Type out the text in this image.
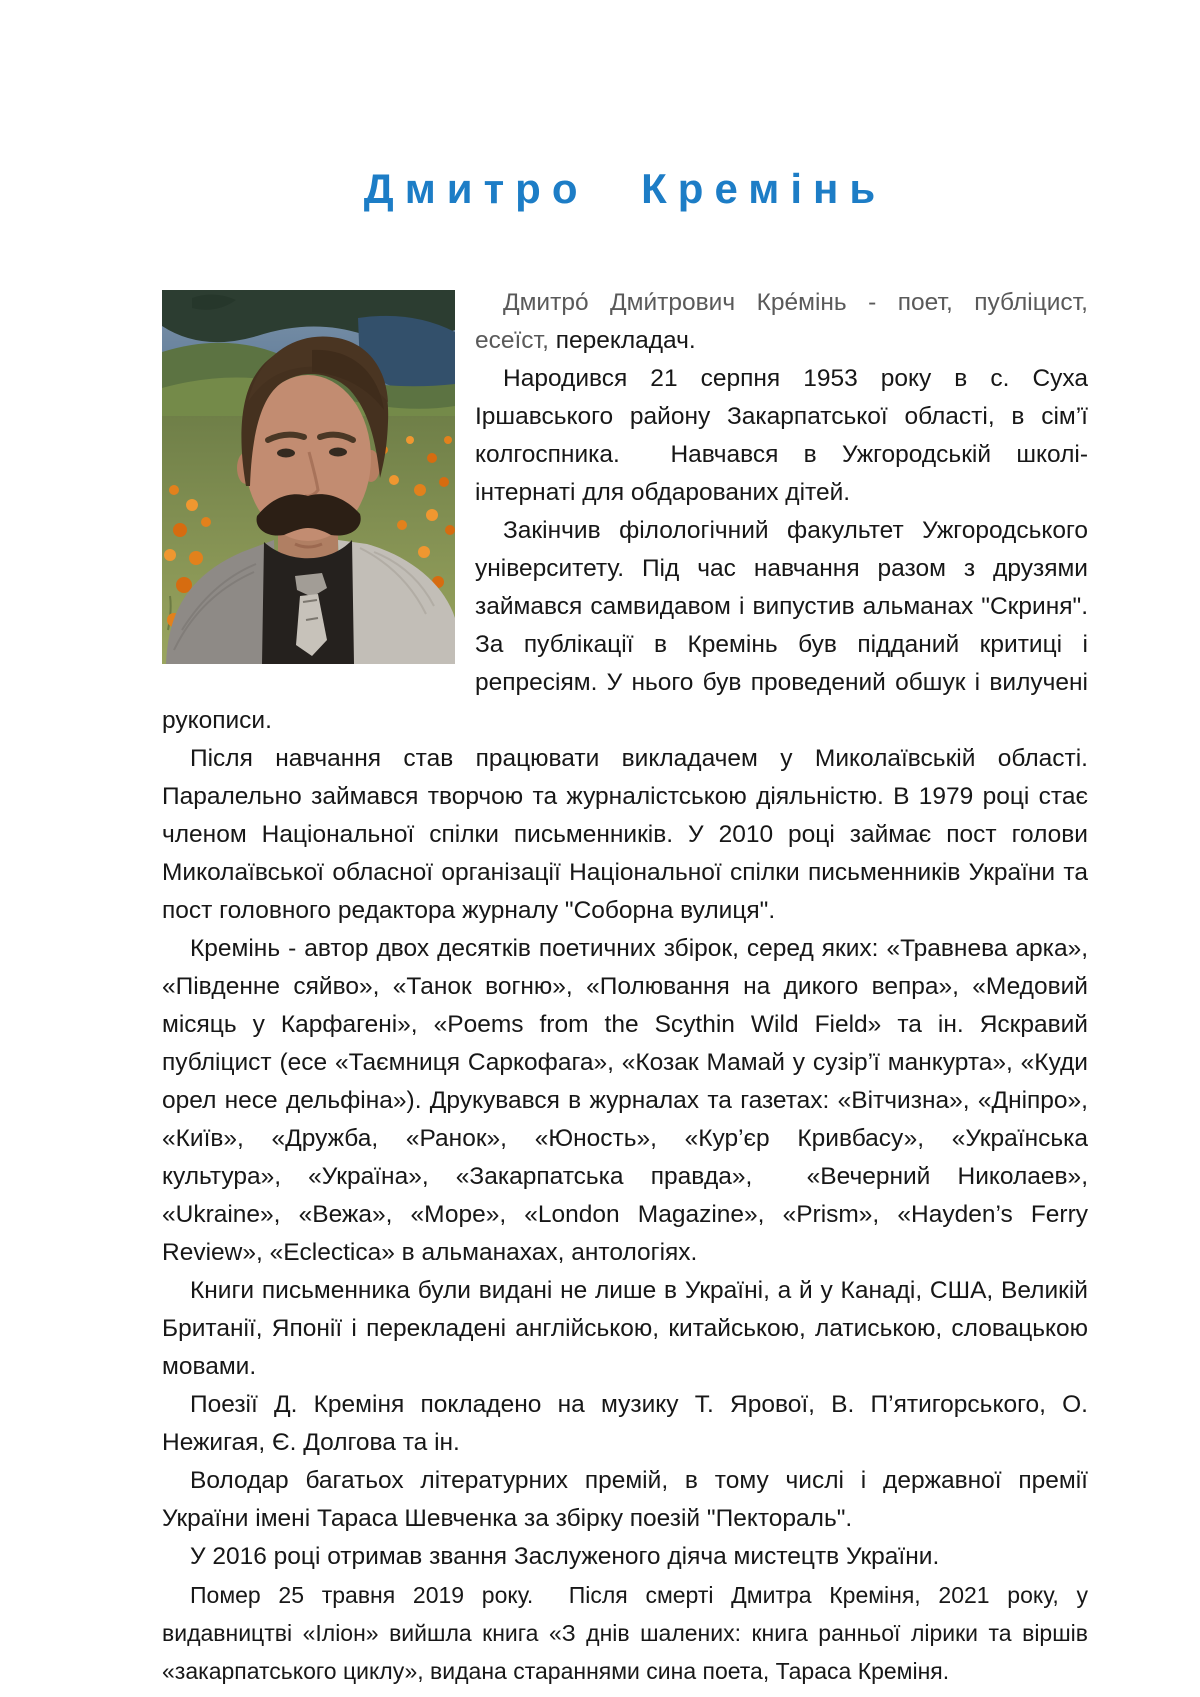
Дмитро Кремінь

Дмитро́ Дми́трович Кре́мінь - поет, публіцист, есеїст, перекладач.

Народився 21 серпня 1953 року в с. Суха Іршавського району Закарпатської області, в сім’ї колгоспника.  Навчався в Ужгородській школі-інтернаті для обдарованих дітей.

Закінчив філологічний факультет Ужгородського університету. Під час навчання разом з друзями займався самвидавом і випустив альманах "Скриня". За публікації в Кремінь був підданий критиці і репресіям. У нього був проведений обшук і вилучені рукописи.

Після навчання став працювати викладачем у Миколаївській області. Паралельно займався творчою та журналістською діяльністю. В 1979 році стає членом Національної спілки письменників. У 2010 році займає пост голови Миколаївської обласної організації Національної спілки письменників України та пост головного редактора журналу "Соборна вулиця".

Кремінь - автор двох десятків поетичних збірок, серед яких: «Травнева арка», «Південне сяйво», «Танок вогню», «Полювання на дикого вепра», «Медовий місяць у Карфагені», «Poems from the Scythin Wild Field» та ін. Яскравий публіцист (есе «Таємниця Саркофага», «Козак Мамай у сузір’ї манкурта», «Куди орел несе дельфіна»). Друкувався в журналах та газетах: «Вітчизна», «Дніпро», «Київ», «Дружба, «Ранок», «Юность», «Кур’єр Кривбасу», «Українська культура», «Україна», «Закарпатська правда»,  «Вечерний Николаев», «Ukraine», «Вежа», «Море», «London Magazine», «Prism», «Hayden’s Ferry Review», «Eclectica» в альманахах, антологіях.

Книги письменника були видані не лише в Україні, а й у Канаді, США, Великій Британії, Японії і перекладені англійською, китайською, латиською, словацькою мовами.

Поезії Д. Креміня покладено на музику Т. Ярової, В. П’ятигорського, О. Нежигая, Є. Долгова та ін.

Володар багатьох літературних премій, в тому числі і державної премії України імені Тараса Шевченка за збірку поезій "Пектораль".

У 2016 році отримав звання Заслуженого діяча мистецтв України.

Помер 25 травня 2019 року.  Після смерті Дмитра Креміня, 2021 року, у видавництві «Іліон» вийшла книга «З днів шалених: книга ранньої лірики та віршів «закарпатського циклу», видана стараннями сина поета, Тараса Креміня.
